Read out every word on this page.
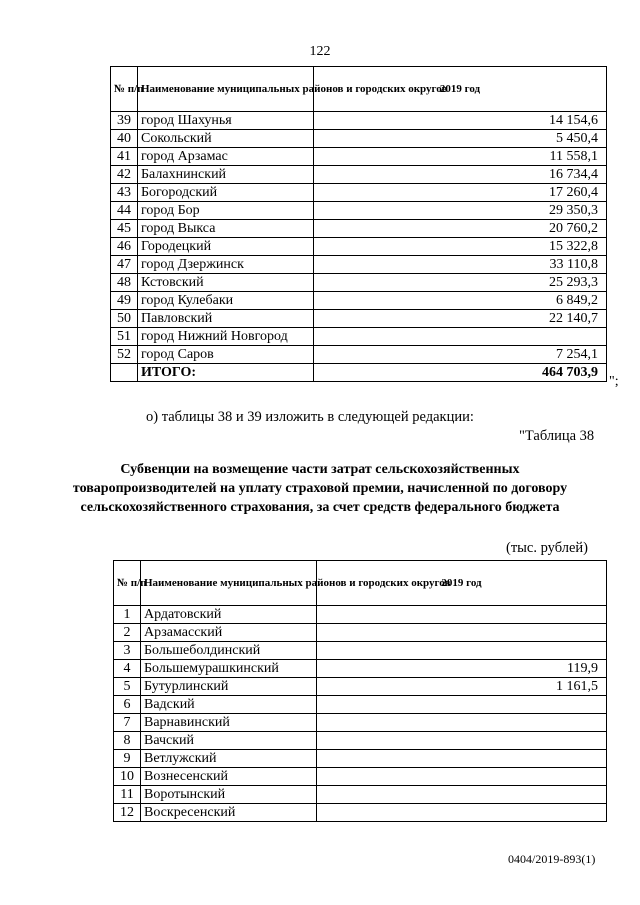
122
№ п/п	Наименование муниципальных районов и городских округов	2019 год
39	город Шахунья	14 154,6
40	Сокольский	5 450,4
41	город Арзамас	11 558,1
42	Балахнинский	16 734,4
43	Богородский	17 260,4
44	город Бор	29 350,3
45	город Выкса	20 760,2
46	Городецкий	15 322,8
47	город Дзержинск	33 110,8
48	Кстовский	25 293,3
49	город Кулебаки	6 849,2
50	Павловский	22 140,7
51	город Нижний Новгород	
52	город Саров	7 254,1
	ИТОГО:	464 703,9
";
о) таблицы 38 и 39 изложить в следующей редакции:
"Таблица 38
Субвенции на возмещение части затрат сельскохозяйственных товаропроизводителей на уплату страховой премии, начисленной по договору сельскохозяйственного страхования, за счет средств федерального бюджета
(тыс. рублей)
№ п/п	Наименование муниципальных районов и городских округов	2019 год
1	Ардатовский	
2	Арзамасский	
3	Большеболдинский	
4	Большемурашкинский	119,9
5	Бутурлинский	1 161,5
6	Вадский	
7	Варнавинский	
8	Вачский	
9	Ветлужский	
10	Вознесенский	
11	Воротынский	
12	Воскресенский	
0404/2019-893(1)
